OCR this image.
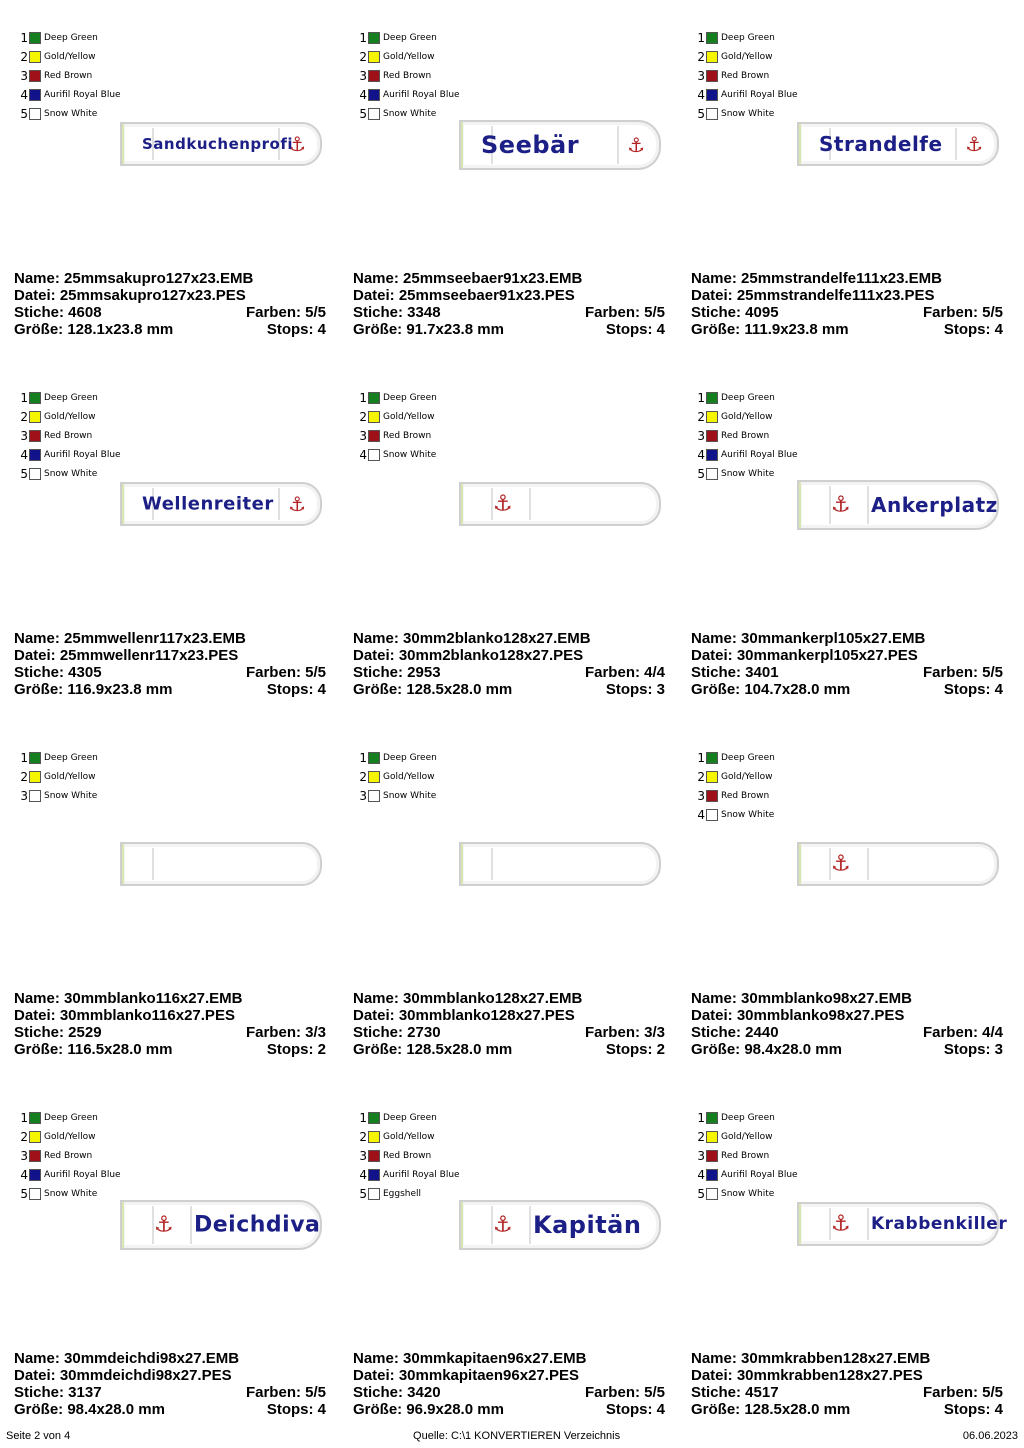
1 Deep Green
2 Gold/Yellow
3 Red Brown
4 Aurifil Royal Blue
5 Snow White
⚓
Sandkuchenprofi
Name: 25mmsakupro127x23.EMB
Datei: 25mmsakupro127x23.PES
Stiche: 4608	Farben: 5/5
Größe: 128.1x23.8 mm	Stops: 4
1 Deep Green
2 Gold/Yellow
3 Red Brown
4 Aurifil Royal Blue
5 Snow White
⚓
Seebär
Name: 25mmseebaer91x23.EMB
Datei: 25mmseebaer91x23.PES
Stiche: 3348	Farben: 5/5
Größe: 91.7x23.8 mm	Stops: 4
1 Deep Green
2 Gold/Yellow
3 Red Brown
4 Aurifil Royal Blue
5 Snow White
⚓
Strandelfe
Name: 25mmstrandelfe111x23.EMB
Datei: 25mmstrandelfe111x23.PES
Stiche: 4095	Farben: 5/5
Größe: 111.9x23.8 mm	Stops: 4
1 Deep Green
2 Gold/Yellow
3 Red Brown
4 Aurifil Royal Blue
5 Snow White
⚓
Wellenreiter
Name: 25mmwellenr117x23.EMB
Datei: 25mmwellenr117x23.PES
Stiche: 4305	Farben: 5/5
Größe: 116.9x23.8 mm	Stops: 4
1 Deep Green
2 Gold/Yellow
3 Red Brown
4 Snow White
⚓
Name: 30mm2blanko128x27.EMB
Datei: 30mm2blanko128x27.PES
Stiche: 2953	Farben: 4/4
Größe: 128.5x28.0 mm	Stops: 3
1 Deep Green
2 Gold/Yellow
3 Red Brown
4 Aurifil Royal Blue
5 Snow White
⚓ Ankerplatz
Name: 30mmankerpl105x27.EMB
Datei: 30mmankerpl105x27.PES
Stiche: 3401	Farben: 5/5
Größe: 104.7x28.0 mm	Stops: 4
1 Deep Green
2 Gold/Yellow
3 Snow White
Name: 30mmblanko116x27.EMB
Datei: 30mmblanko116x27.PES
Stiche: 2529	Farben: 3/3
Größe: 116.5x28.0 mm	Stops: 2
1 Deep Green
2 Gold/Yellow
3 Snow White
Name: 30mmblanko128x27.EMB
Datei: 30mmblanko128x27.PES
Stiche: 2730	Farben: 3/3
Größe: 128.5x28.0 mm	Stops: 2
1 Deep Green
2 Gold/Yellow
3 Red Brown
4 Snow White
⚓
Name: 30mmblanko98x27.EMB
Datei: 30mmblanko98x27.PES
Stiche: 2440	Farben: 4/4
Größe: 98.4x28.0 mm	Stops: 3
1 Deep Green
2 Gold/Yellow
3 Red Brown
4 Aurifil Royal Blue
5 Snow White
⚓ Deichdiva
Name: 30mmdeichdi98x27.EMB
Datei: 30mmdeichdi98x27.PES
Stiche: 3137	Farben: 5/5
Größe: 98.4x28.0 mm	Stops: 4
1 Deep Green
2 Gold/Yellow
3 Red Brown
4 Aurifil Royal Blue
5 Eggshell
⚓ Kapitän
Name: 30mmkapitaen96x27.EMB
Datei: 30mmkapitaen96x27.PES
Stiche: 3420	Farben: 5/5
Größe: 96.9x28.0 mm	Stops: 4
1 Deep Green
2 Gold/Yellow
3 Red Brown
4 Aurifil Royal Blue
5 Snow White
⚓ Krabbenkiller
Name: 30mmkrabben128x27.EMB
Datei: 30mmkrabben128x27.PES
Stiche: 4517	Farben: 5/5
Größe: 128.5x28.0 mm	Stops: 4
Seite 2 von 4	Quelle: C:\1 KONVERTIEREN Verzeichnis	06.06.2023
